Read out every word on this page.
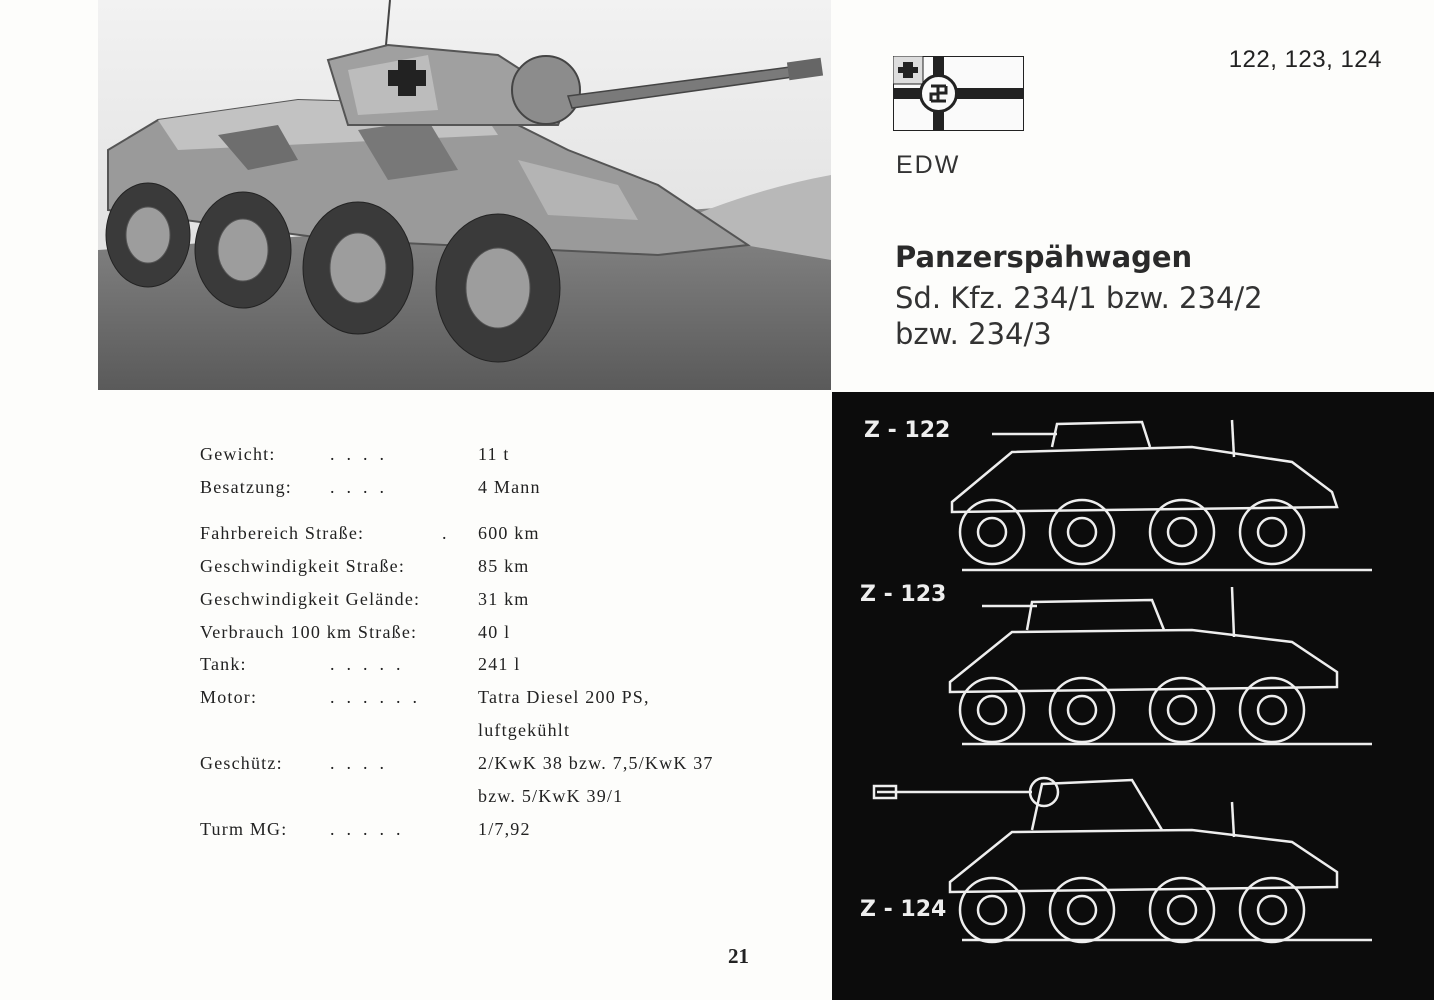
122, 123, 124
EDW
Panzerspähwagen
Sd. Kfz. 234/1 bzw. 234/2 bzw. 234/3
Gewicht:	....	11 t
Besatzung: ....	4 Mann
Fahrbereich Straße:	. 600 km
Geschwindigkeit Straße:	85 km
Geschwindigkeit Gelände:	31 km
Verbrauch 100 km Straße:	40 l
Tank:	.....	241 l
Motor:	......	Tatra Diesel 200 PS,
luftgekühlt
Geschütz:	....	2/KwK 38 bzw. 7,5/KwK 37
bzw. 5/KwK 39/1
Turm MG: .....	1/7,92
21
Z - 122
Z - 123
Z - 124
